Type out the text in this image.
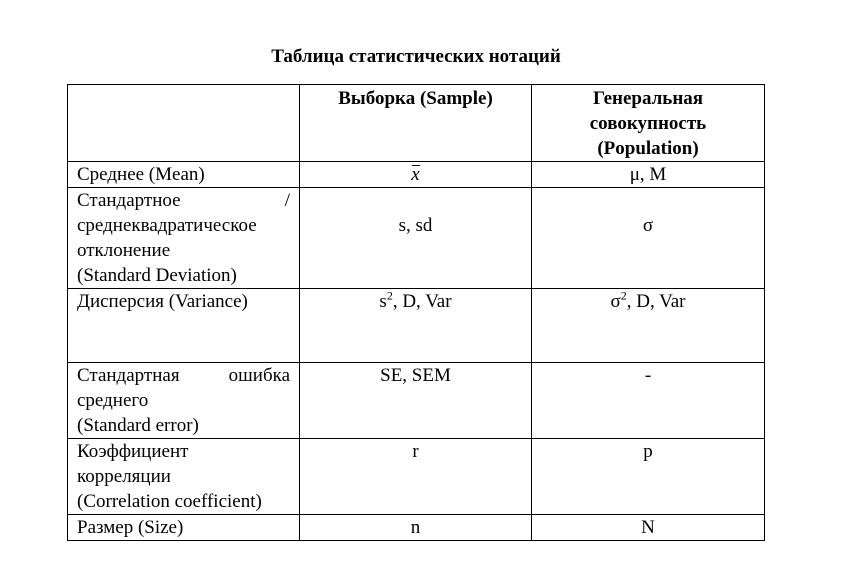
Таблица статистических нотаций
	Выборка (Sample)	Генеральная
совокупность
(Population)

Среднее (Mean)	x	μ, M

Стандартное /
среднеквадратическое
отклонение
(Standard Deviation)	s, sd	σ

Дисперсия (Variance)	$s^2$, D, Var	$\sigma^2$, D, Var

Стандартная ошибка
среднего
(Standard error)	SE, SEM	-

Коэффициент
корреляции
(Correlation coefficient)	r	p

Размер (Size)	n	N
